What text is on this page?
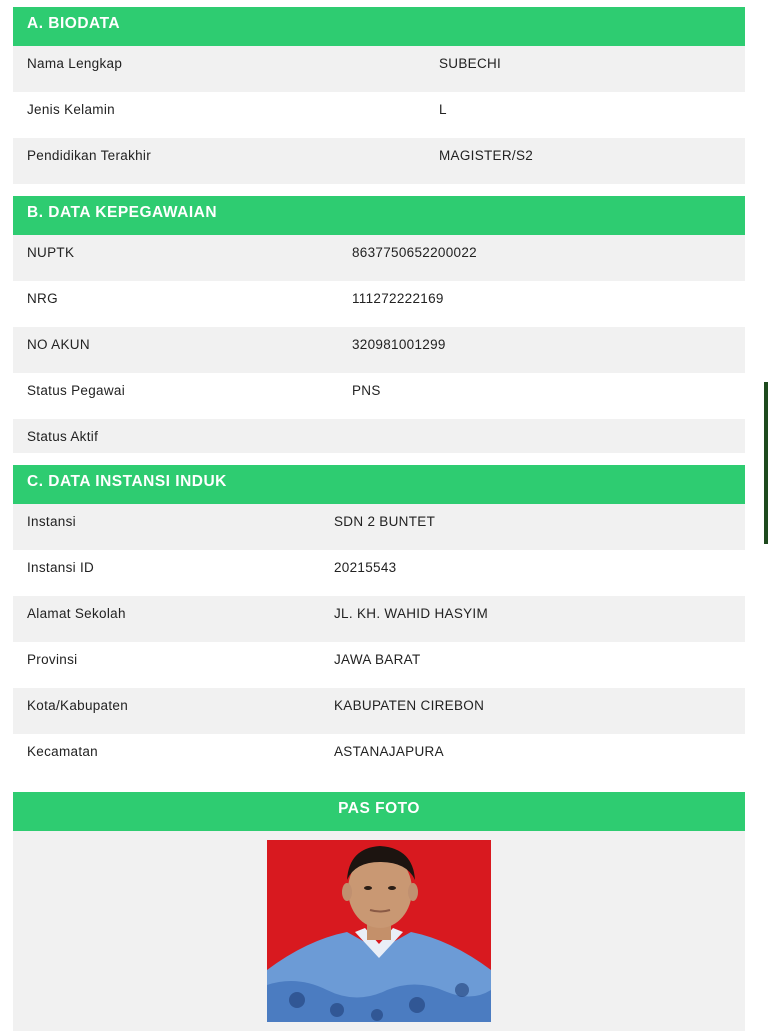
A. BIODATA
Nama Lengkap	SUBECHI
Jenis Kelamin	L
Pendidikan Terakhir	MAGISTER/S2
B. DATA KEPEGAWAIAN
NUPTK	8637750652200022
NRG	111272222169
NO AKUN	320981001299
Status Pegawai	PNS
Status Aktif
C. DATA INSTANSI INDUK
Instansi	SDN 2 BUNTET
Instansi ID	20215543
Alamat Sekolah	JL. KH. WAHID HASYIM
Provinsi	JAWA BARAT
Kota/Kabupaten	KABUPATEN CIREBON
Kecamatan	ASTANAJAPURA
PAS FOTO
